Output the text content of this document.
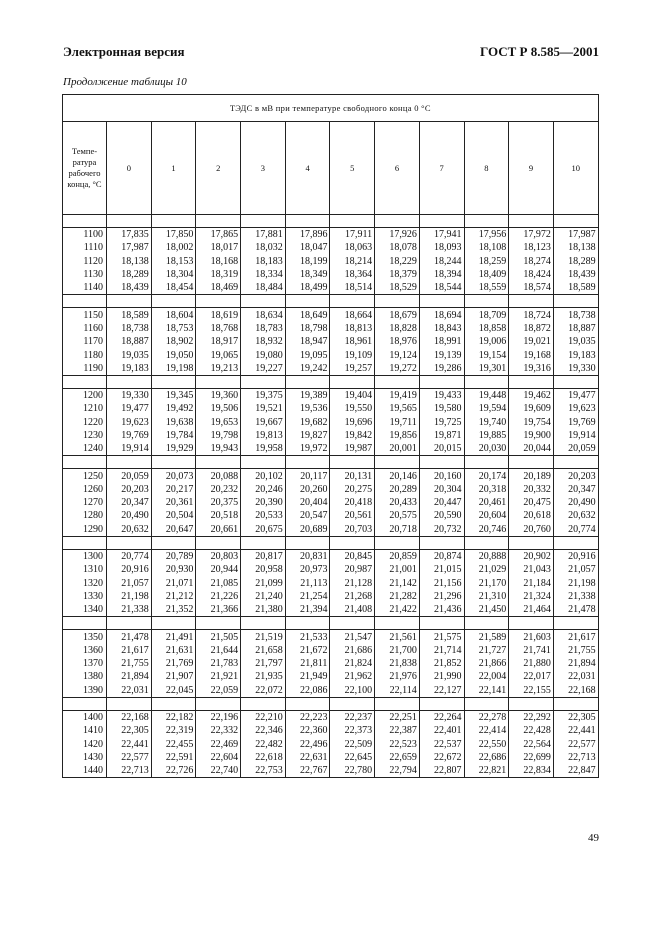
Электронная версия	ГОСТ Р 8.585—2001
Продолжение таблицы 10
ТЭДС в мВ при температуре свободного конца 0 °С											
Темпе-ратура рабочего конца, °С	0	1	2	3	4	5	6	7	8	9	10

1100	17,835	17,850	17,865	17,881	17,896	17,911	17,926	17,941	17,956	17,972	17,987
1110	17,987	18,002	18,017	18,032	18,047	18,063	18,078	18,093	18,108	18,123	18,138
1120	18,138	18,153	18,168	18,183	18,199	18,214	18,229	18,244	18,259	18,274	18,289
1130	18,289	18,304	18,319	18,334	18,349	18,364	18,379	18,394	18,409	18,424	18,439
1140	18,439	18,454	18,469	18,484	18,499	18,514	18,529	18,544	18,559	18,574	18,589

1150	18,589	18,604	18,619	18,634	18,649	18,664	18,679	18,694	18,709	18,724	18,738
1160	18,738	18,753	18,768	18,783	18,798	18,813	18,828	18,843	18,858	18,872	18,887
1170	18,887	18,902	18,917	18,932	18,947	18,961	18,976	18,991	19,006	19,021	19,035
1180	19,035	19,050	19,065	19,080	19,095	19,109	19,124	19,139	19,154	19,168	19,183
1190	19,183	19,198	19,213	19,227	19,242	19,257	19,272	19,286	19,301	19,316	19,330

1200	19,330	19,345	19,360	19,375	19,389	19,404	19,419	19,433	19,448	19,462	19,477
1210	19,477	19,492	19,506	19,521	19,536	19,550	19,565	19,580	19,594	19,609	19,623
1220	19,623	19,638	19,653	19,667	19,682	19,696	19,711	19,725	19,740	19,754	19,769
1230	19,769	19,784	19,798	19,813	19,827	19,842	19,856	19,871	19,885	19,900	19,914
1240	19,914	19,929	19,943	19,958	19,972	19,987	20,001	20,015	20,030	20,044	20,059

1250	20,059	20,073	20,088	20,102	20,117	20,131	20,146	20,160	20,174	20,189	20,203
1260	20,203	20,217	20,232	20,246	20,260	20,275	20,289	20,304	20,318	20,332	20,347
1270	20,347	20,361	20,375	20,390	20,404	20,418	20,433	20,447	20,461	20,475	20,490
1280	20,490	20,504	20,518	20,533	20,547	20,561	20,575	20,590	20,604	20,618	20,632
1290	20,632	20,647	20,661	20,675	20,689	20,703	20,718	20,732	20,746	20,760	20,774

1300	20,774	20,789	20,803	20,817	20,831	20,845	20,859	20,874	20,888	20,902	20,916
1310	20,916	20,930	20,944	20,958	20,973	20,987	21,001	21,015	21,029	21,043	21,057
1320	21,057	21,071	21,085	21,099	21,113	21,128	21,142	21,156	21,170	21,184	21,198
1330	21,198	21,212	21,226	21,240	21,254	21,268	21,282	21,296	21,310	21,324	21,338
1340	21,338	21,352	21,366	21,380	21,394	21,408	21,422	21,436	21,450	21,464	21,478

1350	21,478	21,491	21,505	21,519	21,533	21,547	21,561	21,575	21,589	21,603	21,617
1360	21,617	21,631	21,644	21,658	21,672	21,686	21,700	21,714	21,727	21,741	21,755
1370	21,755	21,769	21,783	21,797	21,811	21,824	21,838	21,852	21,866	21,880	21,894
1380	21,894	21,907	21,921	21,935	21,949	21,962	21,976	21,990	22,004	22,017	22,031
1390	22,031	22,045	22,059	22,072	22,086	22,100	22,114	22,127	22,141	22,155	22,168

1400	22,168	22,182	22,196	22,210	22,223	22,237	22,251	22,264	22,278	22,292	22,305
1410	22,305	22,319	22,332	22,346	22,360	22,373	22,387	22,401	22,414	22,428	22,441
1420	22,441	22,455	22,469	22,482	22,496	22,509	22,523	22,537	22,550	22,564	22,577
1430	22,577	22,591	22,604	22,618	22,631	22,645	22,659	22,672	22,686	22,699	22,713
1440	22,713	22,726	22,740	22,753	22,767	22,780	22,794	22,807	22,821	22,834	22,847
49
